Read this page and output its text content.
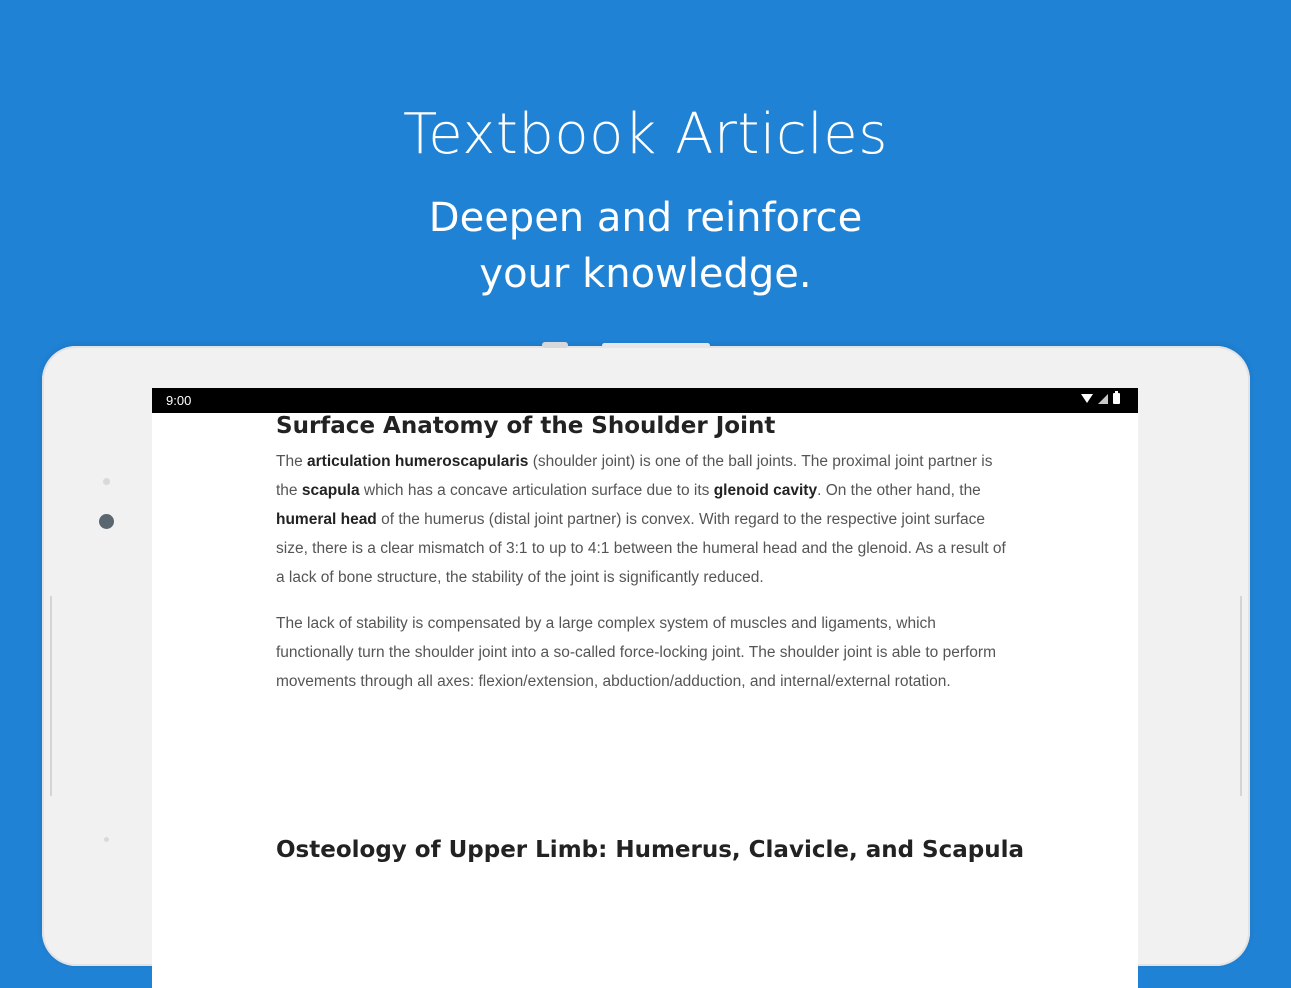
Textbook Articles
Deepen and reinforce
your knowledge.
9:00
Surface Anatomy of the Shoulder Joint

The articulation humeroscapularis (shoulder joint) is one of the ball joints. The proximal joint partner is the scapula which has a concave articulation surface due to its glenoid cavity. On the other hand, the humeral head of the humerus (distal joint partner) is convex. With regard to the respective joint surface size, there is a clear mismatch of 3:1 to up to 4:1 between the humeral head and the glenoid. As a result of a lack of bone structure, the stability of the joint is significantly reduced.

The lack of stability is compensated by a large complex system of muscles and ligaments, which functionally turn the shoulder joint into a so-called force-locking joint. The shoulder joint is able to perform movements through all axes: flexion/extension, abduction/adduction, and internal/external rotation.

Osteology of Upper Limb: Humerus, Clavicle, and Scapula
